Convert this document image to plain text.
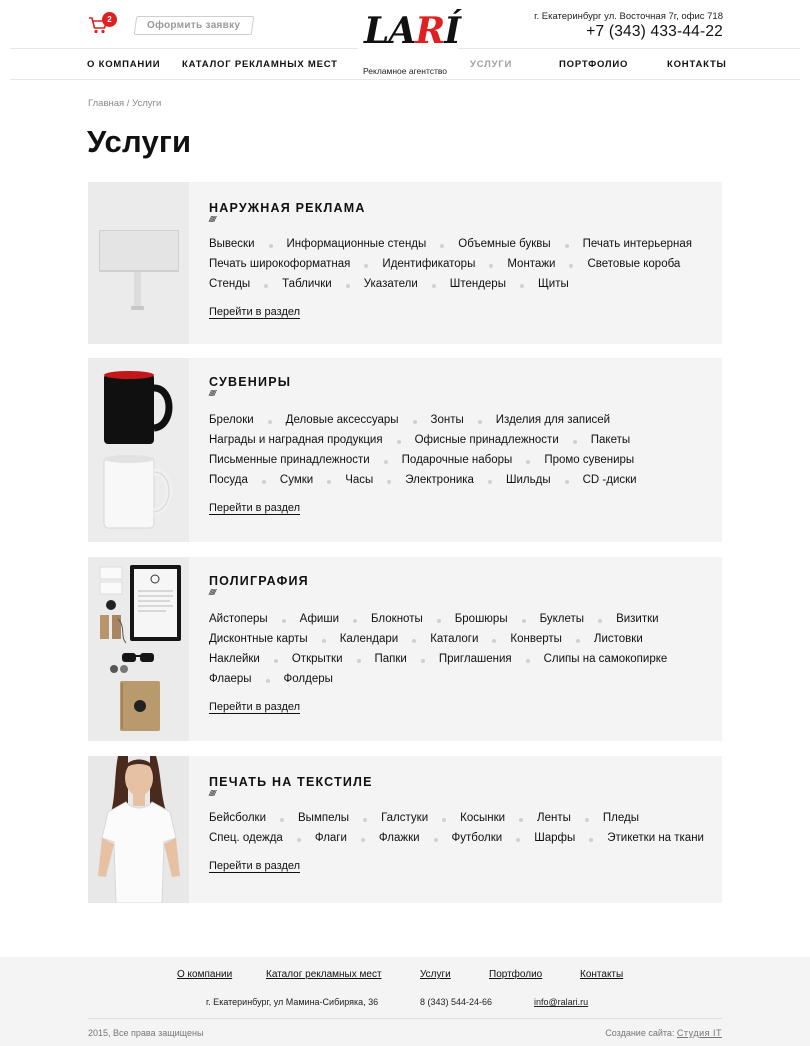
2
Оформить заявку	LARÍ
Рекламное агентство
г. Екатеринбург ул. Восточная 7г, офис 718
+7 (343) 433-44-22
О КОМПАНИИ КАТАЛОГ РЕКЛАМНЫХ МЕСТ	УСЛУГИ	ПОРТФОЛИО	КОНТАКТЫ
Главная / Услуги
Услуги
НАРУЖНАЯ РЕКЛАМА
/////
Вывески	Информационные стенды	Объемные буквы	Печать интерьерная
Печать широкоформатная	Идентификаторы	Монтажи	Световые короба
Стенды	Таблички	Указатели	Штендеры	Щиты
Перейти в раздел
СУВЕНИРЫ
/////
Брелоки	Деловые аксессуары	Зонты	Изделия для записей
Награды и наградная продукция	Офисные принадлежности	Пакеты
Письменные принадлежности	Подарочные наборы	Промо сувениры
Посуда	Сумки	Часы	Электроника	Шильды	CD -диски
Перейти в раздел
ПОЛИГРАФИЯ
/////
Айстоперы	Афиши	Блокноты	Брошюры	Буклеты	Визитки
Дисконтные карты	Календари	Каталоги	Конверты	Листовки
Наклейки	Открытки	Папки	Приглашения	Слипы на самокопирке
Флаеры	Фолдеры
Перейти в раздел
ПЕЧАТЬ НА ТЕКСТИЛЕ
/////
Бейсболки	Вымпелы	Галстуки	Косынки	Ленты	Пледы
Спец. одежда	Флаги	Флажки	Футболки	Шарфы	Этикетки на ткани
Перейти в раздел
О компании	Каталог рекламных мест	Услуги	Портфолио	Контакты
г. Екатеринбург, ул Мамина-Сибиряка, 36	8 (343) 544-24-66	info@ralari.ru
2015, Все права защищены	Создание сайта: Студия IT
